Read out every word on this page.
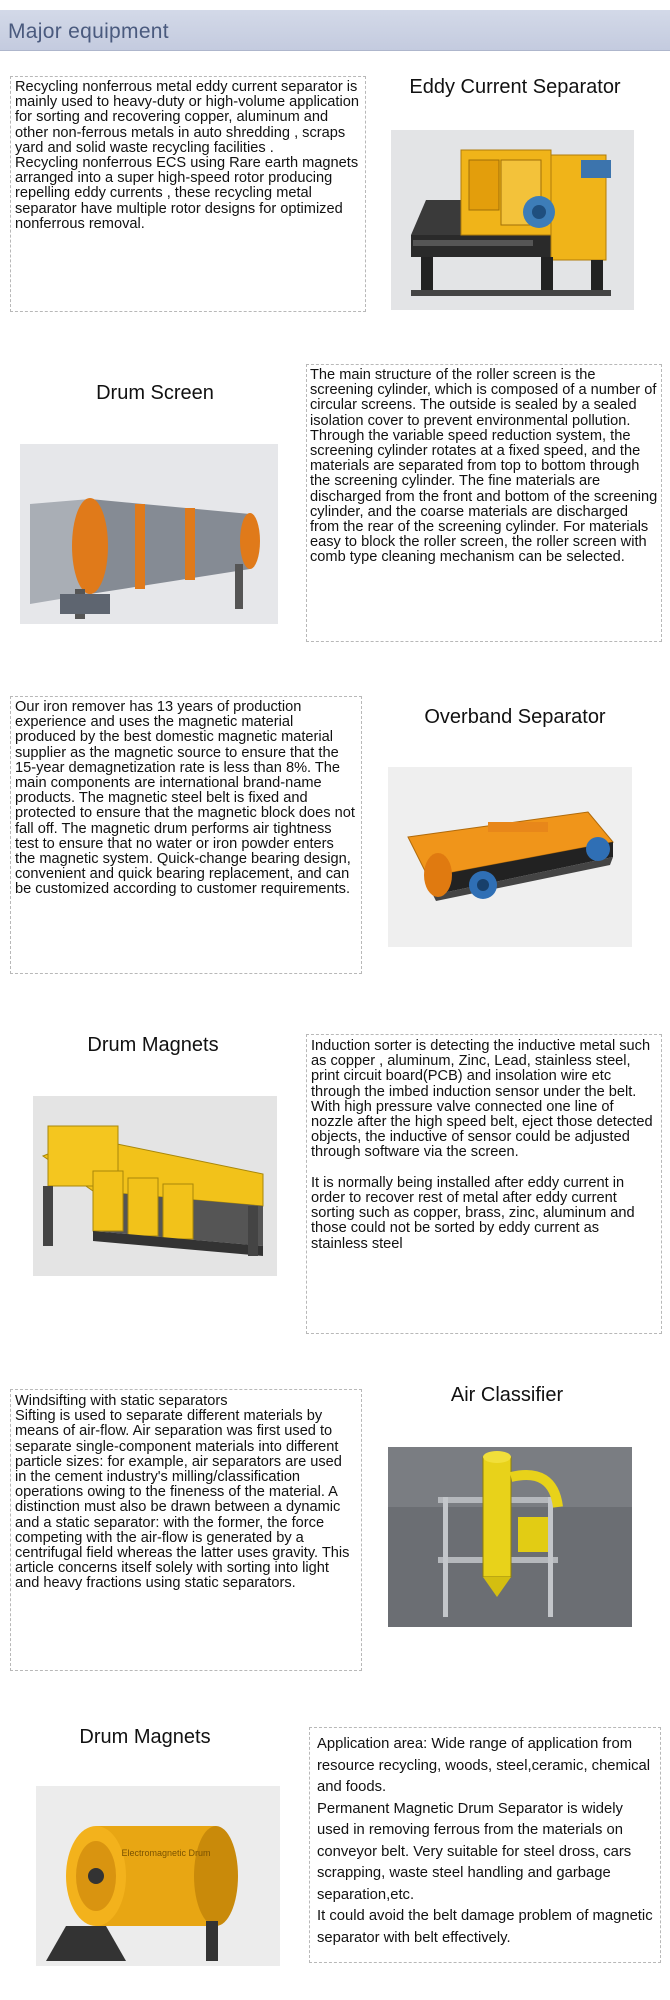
Major equipment

Recycling nonferrous metal eddy current separator is mainly used to heavy-duty or high-volume application for sorting and recovering copper, aluminum and other non-ferrous metals in auto shredding , scraps yard and solid waste recycling facilities .
Recycling nonferrous ECS using Rare earth magnets arranged into a super high-speed rotor producing repelling eddy currents , these recycling metal separator have multiple rotor designs for optimized nonferrous removal.

Eddy Current Separator
Drum Screen

The main structure of the roller screen is the screening cylinder, which is composed of a number of circular screens. The outside is sealed by a sealed isolation cover to prevent environmental pollution. Through the variable speed reduction system, the screening cylinder rotates at a fixed speed, and the materials are separated from top to bottom through the screening cylinder. The fine materials are discharged from the front and bottom of the screening cylinder, and the coarse materials are discharged from the rear of the screening cylinder. For materials easy to block the roller screen, the roller screen with comb type cleaning mechanism can be selected.

Our iron remover has 13 years of production experience and uses the magnetic material produced by the best domestic magnetic material supplier as the magnetic source to ensure that the 15-year demagnetization rate is less than 8%. The main components are international brand-name products. The magnetic steel belt is fixed and protected to ensure that the magnetic block does not fall off. The magnetic drum performs air tightness test to ensure that no water or iron powder enters the magnetic system. Quick-change bearing design, convenient and quick bearing replacement, and can be customized according to customer requirements.

Overband Separator
Drum Magnets	Induction sorter is detecting the inductive metal such as copper , aluminum, Zinc, Lead, stainless steel, print circuit board(PCB) and insolation wire etc through the imbed induction sensor under the belt. With high pressure valve connected one line of nozzle after the high speed belt, eject those detected objects, the inductive of sensor could be adjusted through software via the screen.

It is normally being installed after eddy current in order to recover rest of metal after eddy current sorting such as copper, brass, zinc, aluminum and those could not be sorted by eddy current as stainless steel

Windsifting with static separators
Sifting is used to separate different materials by means of air-flow. Air separation was first used to separate single-component materials into different particle sizes: for example, air separators are used in the cement industry's milling/classification operations owing to the fineness of the material. A distinction must also be drawn between a dynamic and a static separator: with the former, the force competing with the air-flow is generated by a centrifugal field whereas the latter uses gravity. This article concerns itself solely with sorting into light and heavy fractions using static separators.

Air Classifier
Drum Magnets
Electromagnetic Drum

Application area: Wide range of application from resource recycling, woods, steel,ceramic, chemical and foods.
Permanent Magnetic Drum Separator is widely used in removing ferrous from the materials on conveyor belt. Very suitable for steel dross, cars scrapping, waste steel handling and garbage separation,etc.
It could avoid the belt damage problem of magnetic separator with belt effectively.
